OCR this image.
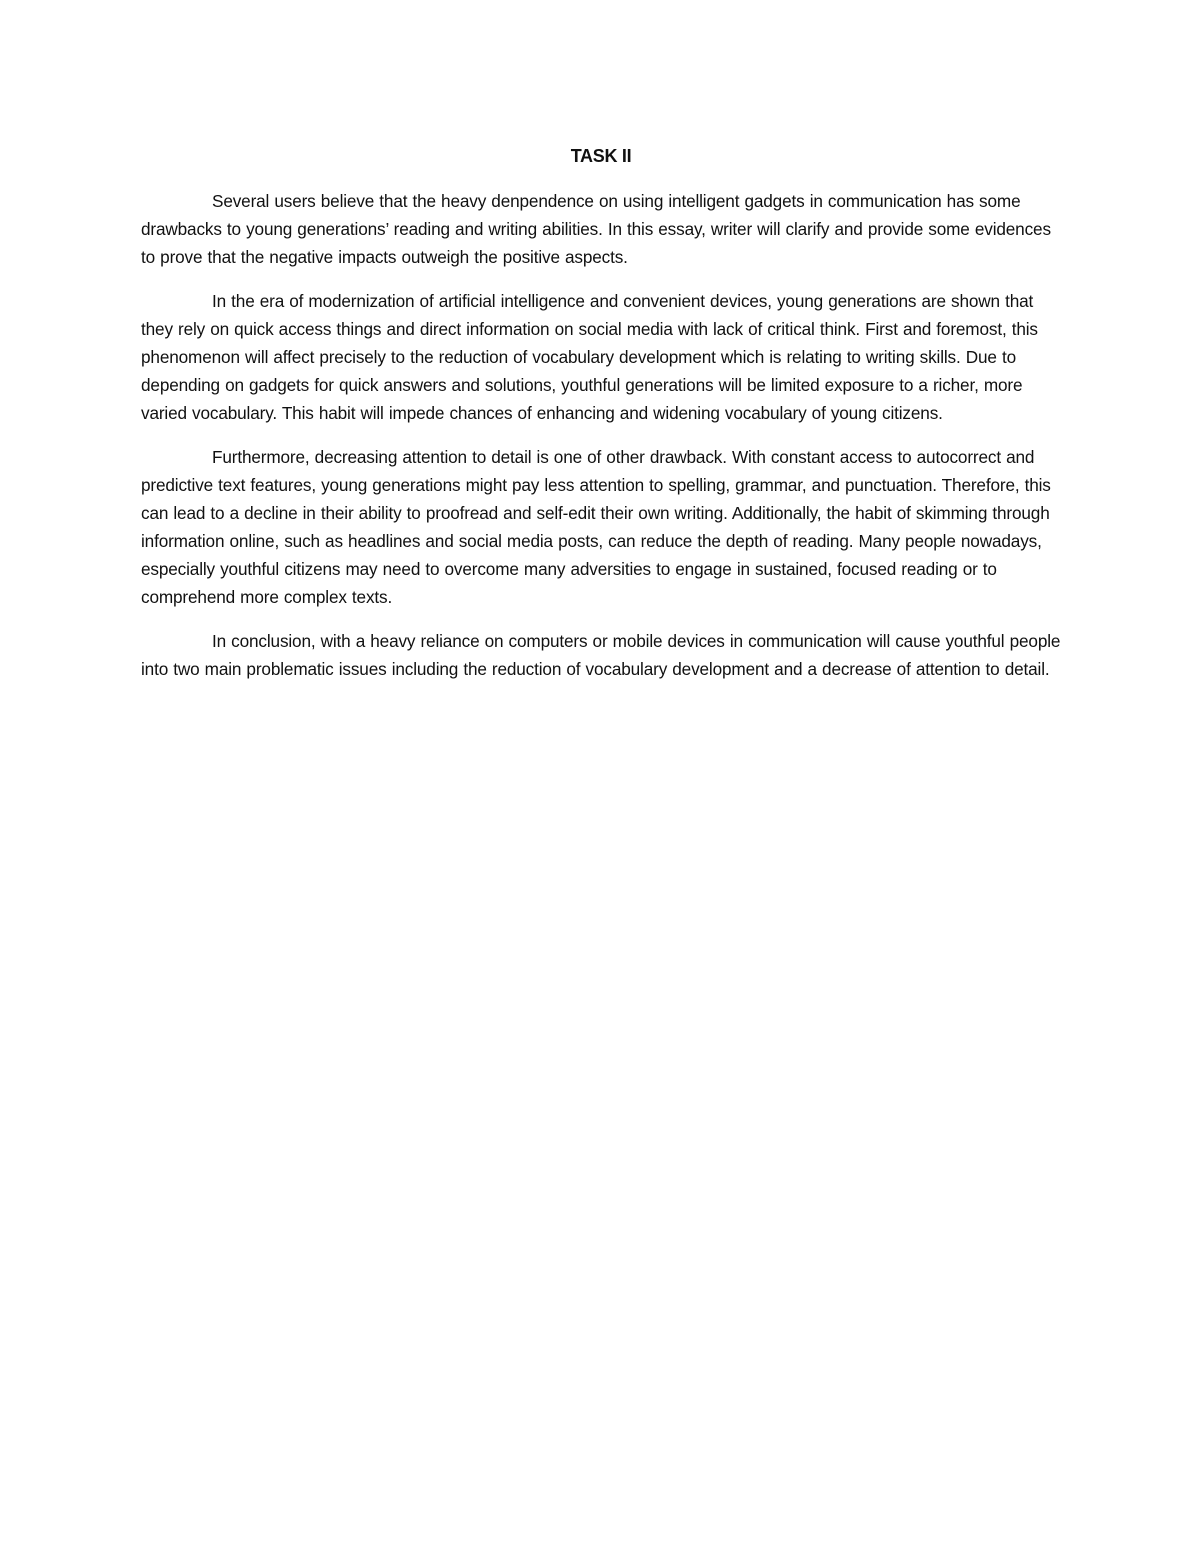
TASK II

Several users believe that the heavy denpendence on using intelligent gadgets in communication has some drawbacks to young generations’ reading and writing abilities. In this essay, writer will clarify and provide some evidences to prove that the negative impacts outweigh the positive aspects.

In the era of modernization of artificial intelligence and convenient devices, young generations are shown that they rely on quick access things and direct information on social media with lack of critical think. First and foremost, this phenomenon will affect precisely to the reduction of vocabulary development which is relating to writing skills. Due to depending on gadgets for quick answers and solutions, youthful generations will be limited exposure to a richer, more varied vocabulary. This habit will impede chances of enhancing and widening vocabulary of young citizens.

Furthermore, decreasing attention to detail is one of other drawback. With constant access to autocorrect and predictive text features, young generations might pay less attention to spelling, grammar, and punctuation. Therefore, this can lead to a decline in their ability to proofread and self-edit their own writing. Additionally, the habit of skimming through information online, such as headlines and social media posts, can reduce the depth of reading. Many people nowadays, especially youthful citizens may need to overcome many adversities to engage in sustained, focused reading or to comprehend more complex texts.

In conclusion, with a heavy reliance on computers or mobile devices in communication will cause youthful people into two main problematic issues including the reduction of vocabulary development and a decrease of attention to detail.
